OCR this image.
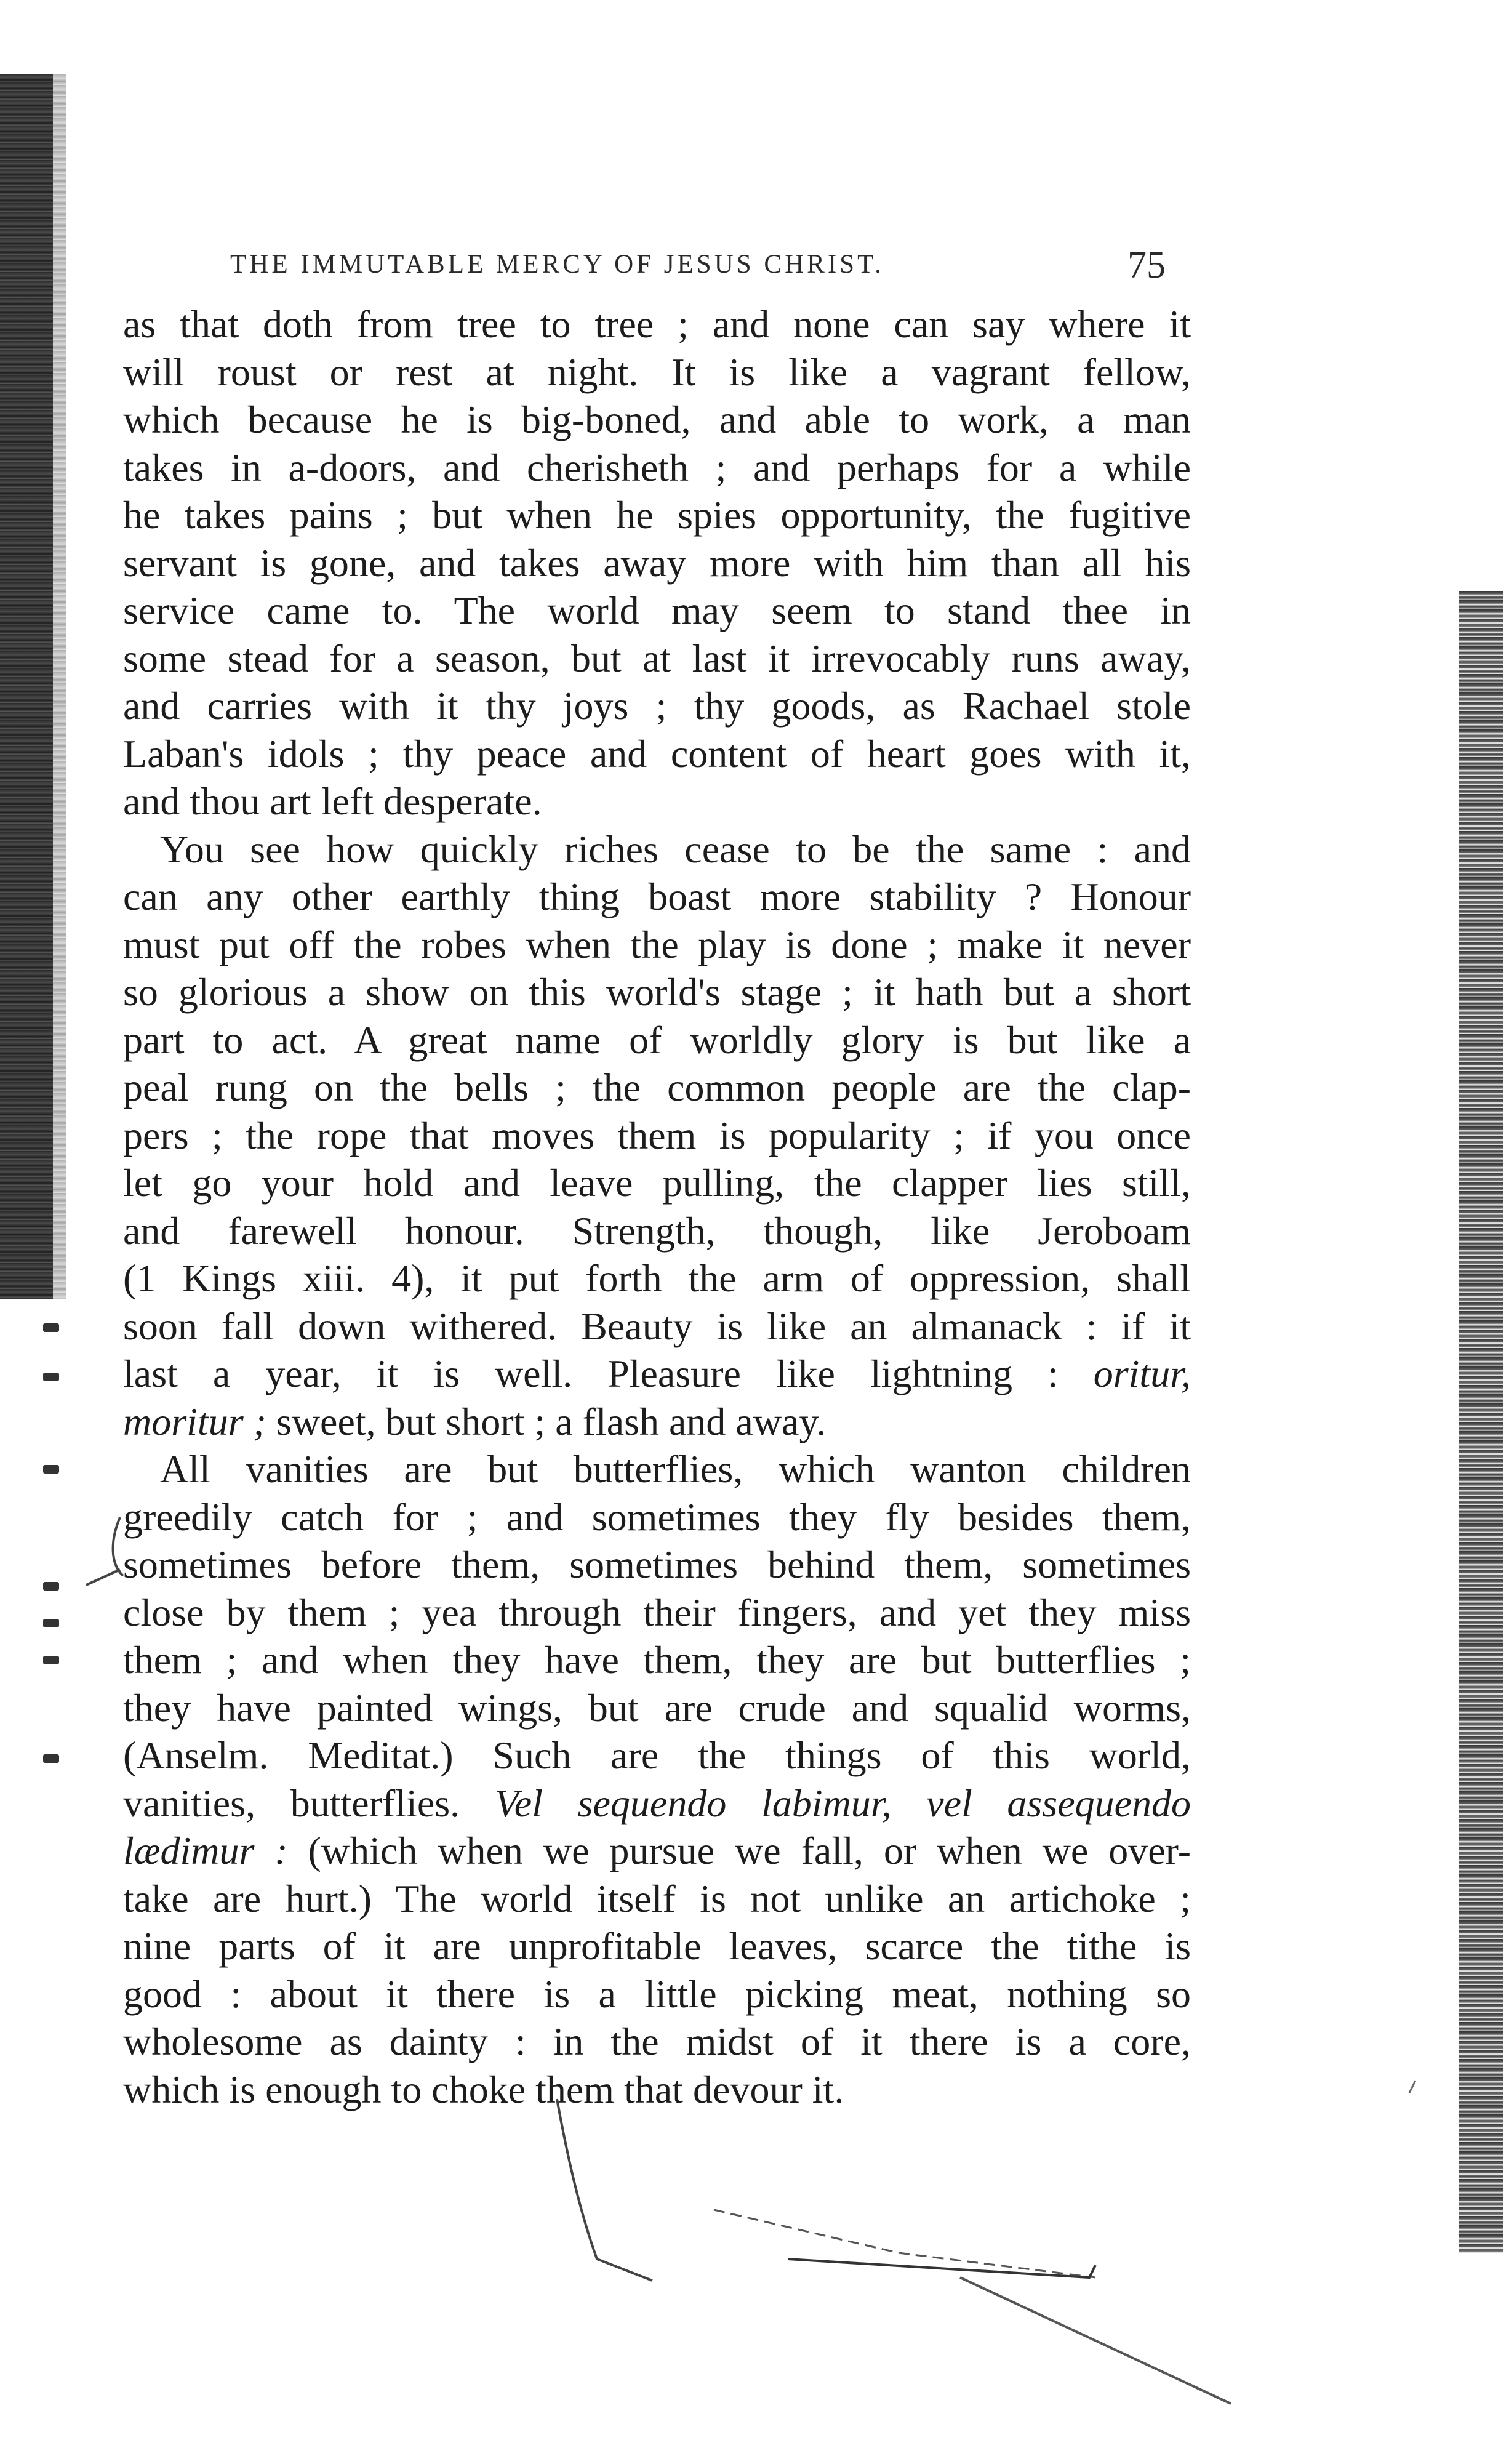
THE IMMUTABLE MERCY OF JESUS CHRIST.	75
as that doth from tree to tree ; and none can say where it
will roust or rest at night. It is like a vagrant fellow,
which because he is big-boned, and able to work, a man
takes in a-doors, and cherisheth ; and perhaps for a while
he takes pains ; but when he spies opportunity, the fugitive
servant is gone, and takes away more with him than all his
service came to. The world may seem to stand thee in
some stead for a season, but at last it irrevocably runs away,
and carries with it thy joys ; thy goods, as Rachael stole
Laban's idols ; thy peace and content of heart goes with it,
and thou art left desperate.
You see how quickly riches cease to be the same : and
can any other earthly thing boast more stability ? Honour
must put off the robes when the play is done ; make it never
so glorious a show on this world's stage ; it hath but a short
part to act. A great name of worldly glory is but like a
peal rung on the bells ; the common people are the clap-
pers ; the rope that moves them is popularity ; if you once
let go your hold and leave pulling, the clapper lies still,
and farewell honour. Strength, though, like Jeroboam
(1 Kings xiii. 4), it put forth the arm of oppression, shall
soon fall down withered. Beauty is like an almanack : if it
last a year, it is well. Pleasure like lightning : oritur,
moritur ; sweet, but short ; a flash and away.
All vanities are but butterflies, which wanton children
greedily catch for ; and sometimes they fly besides them,
sometimes before them, sometimes behind them, sometimes
close by them ; yea through their fingers, and yet they miss
them ; and when they have them, they are but butterflies ;
they have painted wings, but are crude and squalid worms,
(Anselm. Meditat.) Such are the things of this world,
vanities, butterflies. Vel sequendo labimur, vel assequendo
lædimur : (which when we pursue we fall, or when we over-
take are hurt.) The world itself is not unlike an artichoke ;
nine parts of it are unprofitable leaves, scarce the tithe is
good : about it there is a little picking meat, nothing so
wholesome as dainty : in the midst of it there is a core,
which is enough to choke them that devour it.
